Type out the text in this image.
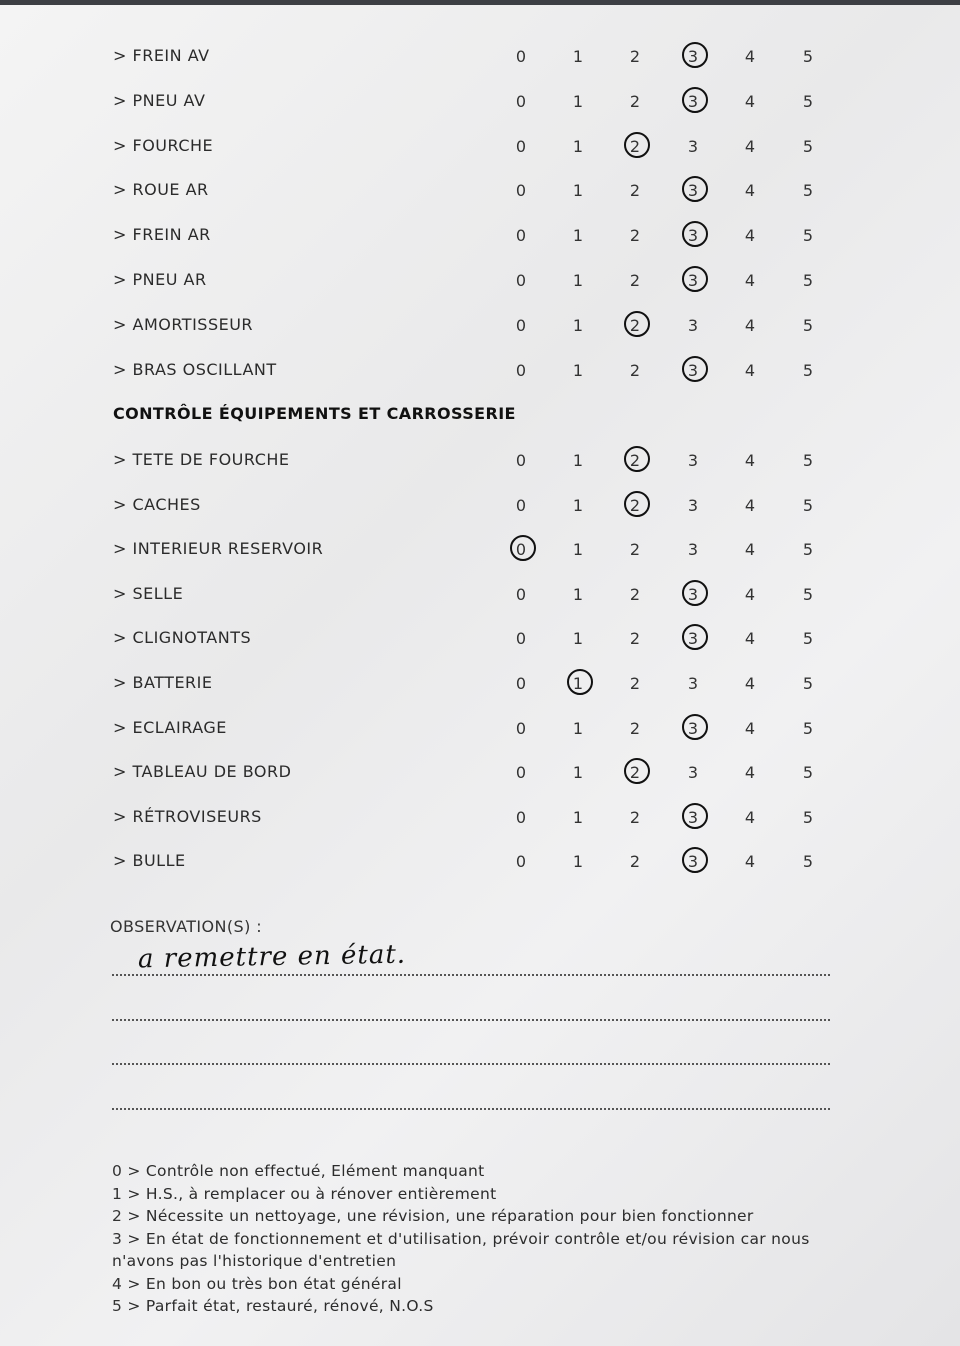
> FREIN AV	0	1	2	3	4	5
> PNEU AV	0	1	2	3	4	5
> FOURCHE	0	1	2	3	4	5
> ROUE AR	0	1	2	3	4	5
> FREIN AR	0	1	2	3	4	5
> PNEU AR	0	1	2	3	4	5
> AMORTISSEUR	0	1	2	3	4	5
> BRAS OSCILLANT	0	1	2	3	4	5
CONTRÔLE ÉQUIPEMENTS ET CARROSSERIE
> TETE DE FOURCHE	0	1	2	3	4	5
> CACHES	0	1	2	3	4	5
> INTERIEUR RESERVOIR	0	1	2	3	4	5
> SELLE	0	1	2	3	4	5
> CLIGNOTANTS	0	1	2	3	4	5
> BATTERIE	0	1	2	3	4	5
> ECLAIRAGE	0	1	2	3	4	5
> TABLEAU DE BORD	0	1	2	3	4	5
> RÉTROVISEURS	0	1	2	3	4	5
> BULLE	0	1	2	3	4	5
OBSERVATION(S) :
a remettre en état.
0 > Contrôle non effectué, Elément manquant
1 > H.S., à remplacer ou à rénover entièrement
2 > Nécessite un nettoyage, une révision, une réparation pour bien fonctionner
3 > En état de fonctionnement et d'utilisation, prévoir contrôle et/ou révision car nous n'avons pas l'historique d'entretien
4 > En bon ou très bon état général
5 > Parfait état, restauré, rénové, N.O.S
